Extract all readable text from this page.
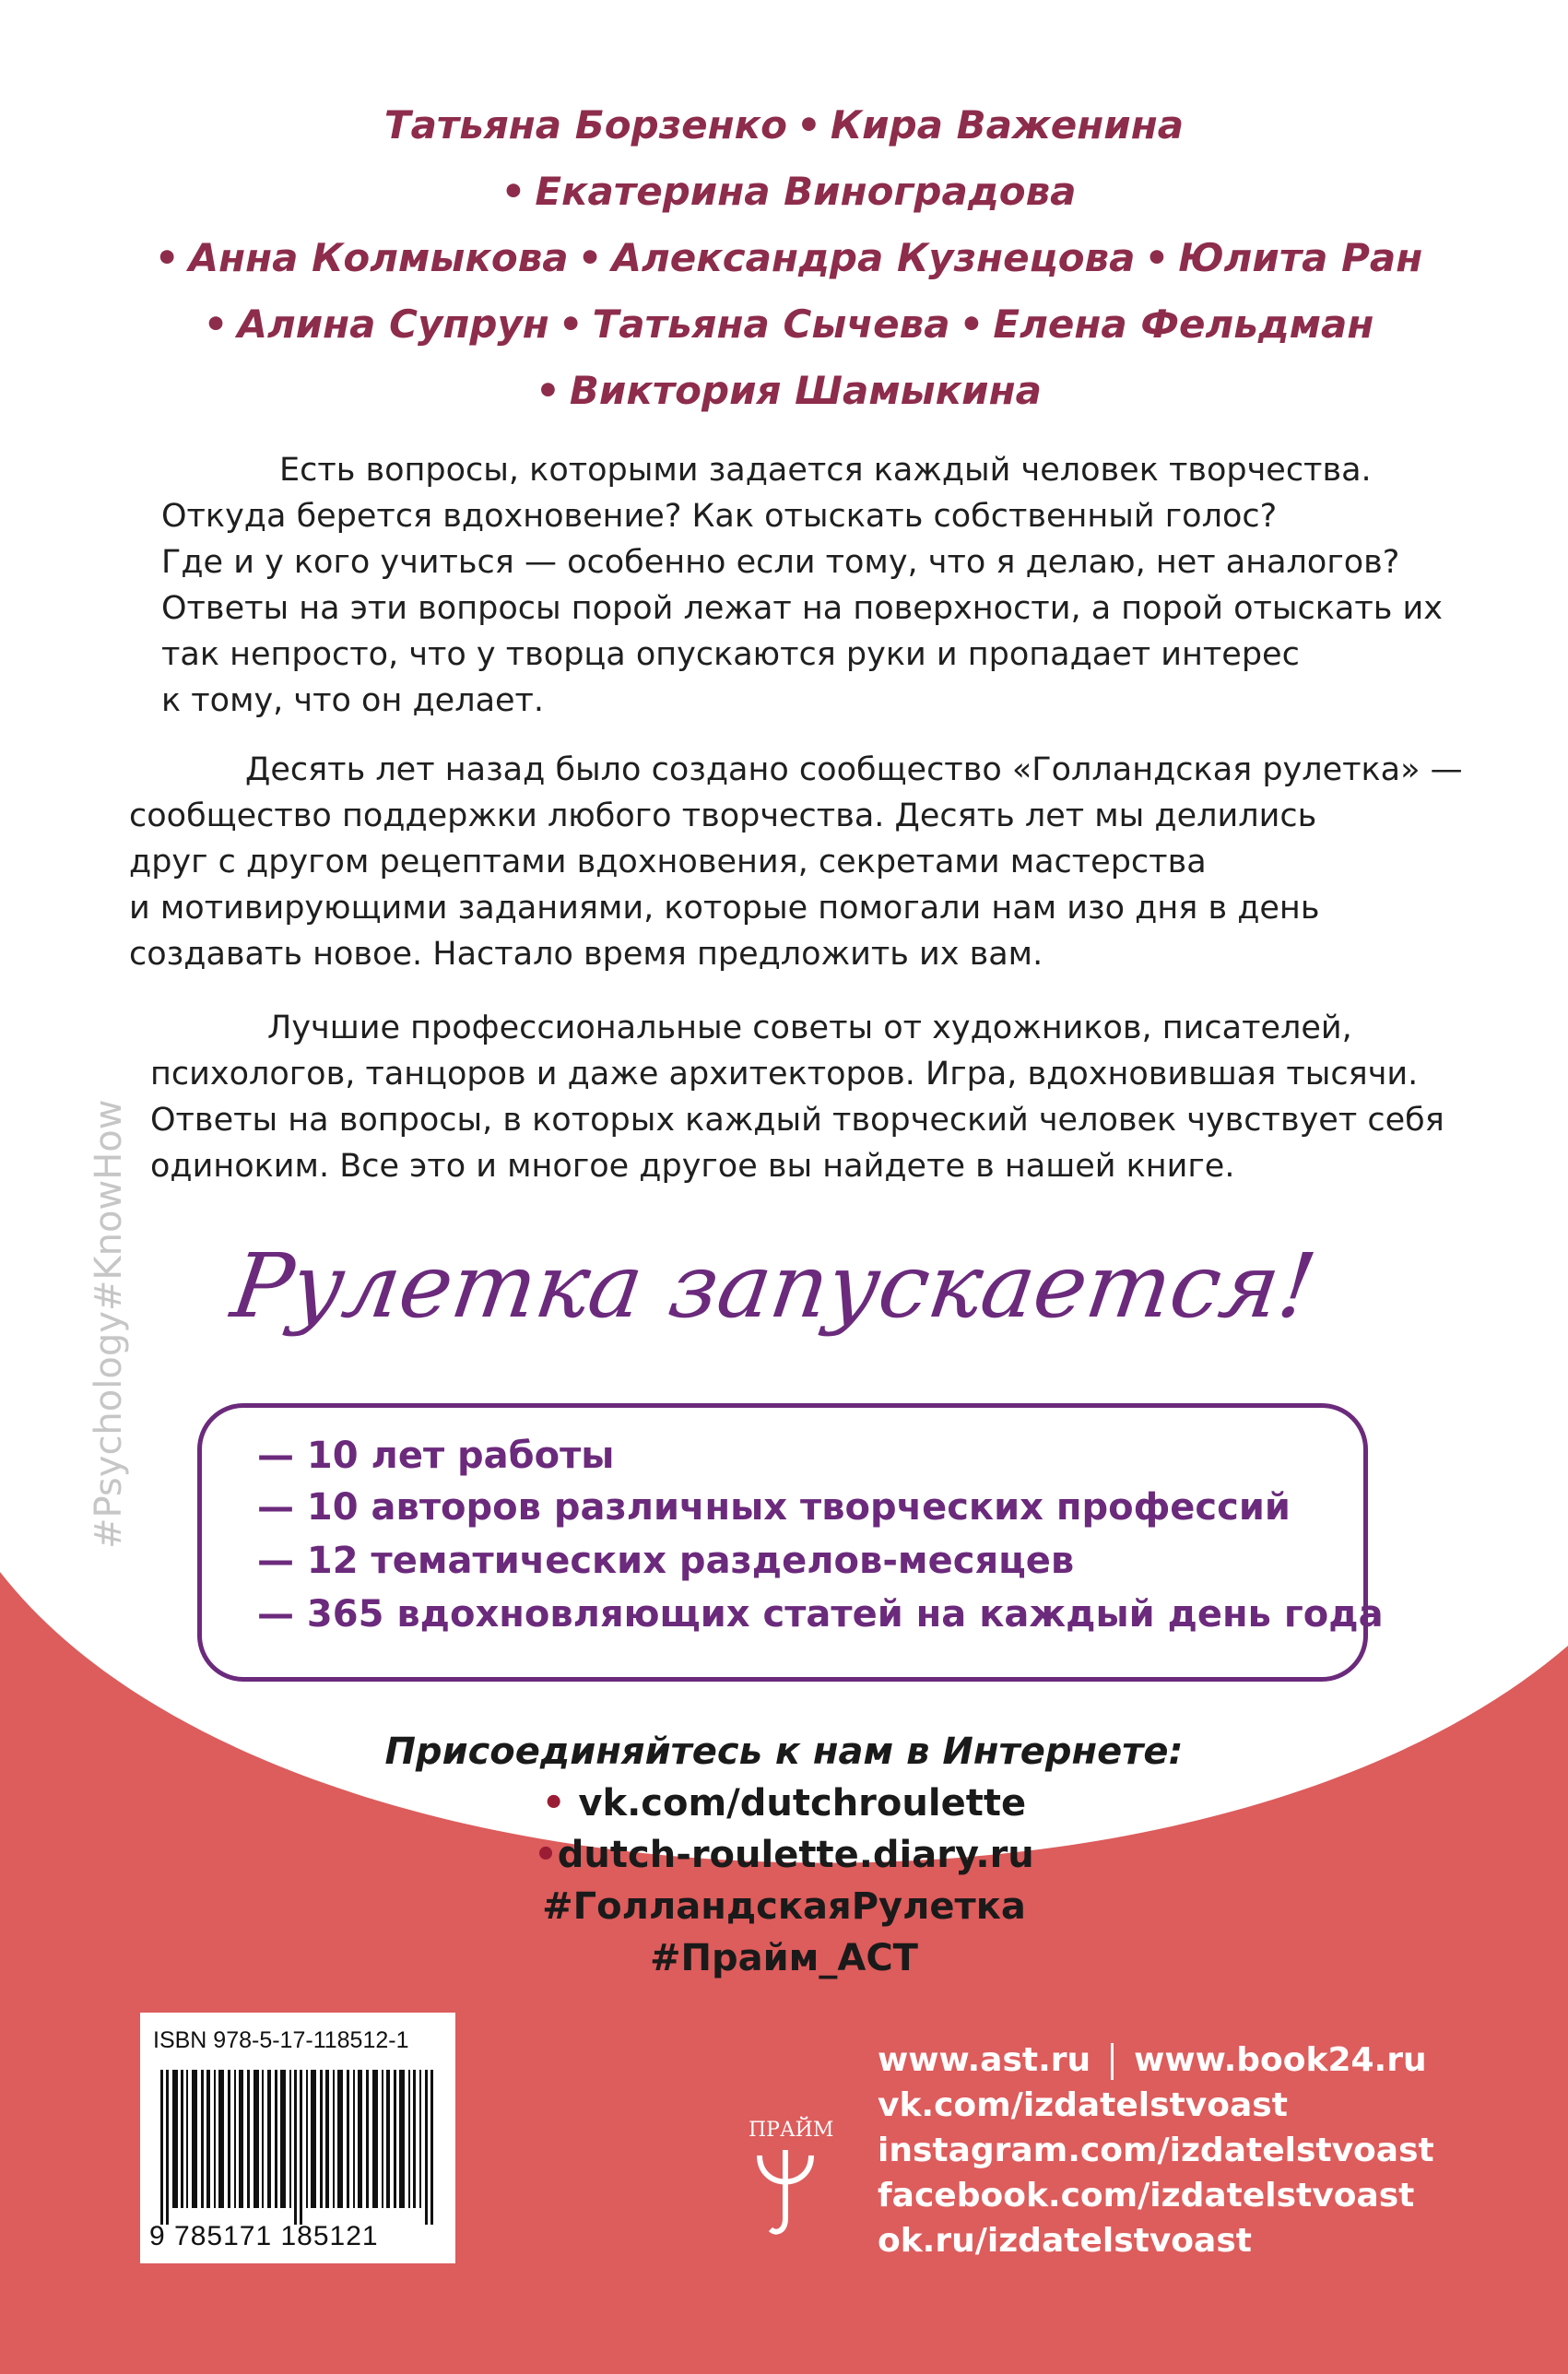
Татьяна Борзенко • Кира Важенина
• Екатерина Виноградова
• Анна Колмыкова • Александра Кузнецова • Юлита Ран
• Алина Супрун • Татьяна Сычева • Елена Фельдман
• Виктория Шамыкина
Есть вопросы, которыми задается каждый человек творчества.
Откуда берется вдохновение? Как отыскать собственный голос?
Где и у кого учиться — особенно если тому, что я делаю, нет аналогов?
Ответы на эти вопросы порой лежат на поверхности, а порой отыскать их
так непросто, что у творца опускаются руки и пропадает интерес
к тому, что он делает.
Десять лет назад было создано сообщество «Голландская рулетка» —
сообщество поддержки любого творчества. Десять лет мы делились
друг с другом рецептами вдохновения, секретами мастерства
и мотивирующими заданиями, которые помогали нам изо дня в день
создавать новое. Настало время предложить их вам.
Лучшие профессиональные советы от художников, писателей,
психологов, танцоров и даже архитекторов. Игра, вдохновившая тысячи.
Ответы на вопросы, в которых каждый творческий человек чувствует себя
одиноким. Все это и многое другое вы найдете в нашей книге.
Рулетка запускается!
— 10 лет работы
— 10 авторов различных творческих профессий
— 12 тематических разделов-месяцев
— 365 вдохновляющих статей на каждый день года
Присоединяйтесь к нам в Интернете:
• vk.com/dutchroulette
•dutch-roulette.diary.ru
#ГолландскаяРулетка
#Прайм_АСТ
#Psychology#KnowHow
ISBN 978-5-17-118512-1
9 785171 185121
ПРАЙМ
www.ast.ru www.book24.ru
vk.com/izdatelstvoast
instagram.com/izdatelstvoast
facebook.com/izdatelstvoast
ok.ru/izdatelstvoast
